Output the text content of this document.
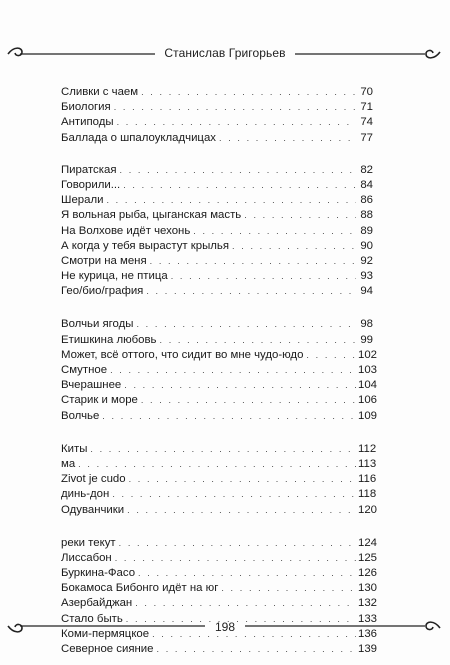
Станислав Григорьев
Сливки с чаем . . .	70
Биология . . .	71
Антиподы . . .	74
Баллада о шпалоукладчицах . . .	77
Пиратская . . .	82
Говорили... . . .	84
Шерали . . .	86
Я вольная рыба, цыганская масть . . .	88
На Волхове идёт чехонь . . .	89
А когда у тебя вырастут крылья . . .	90
Смотри на меня . . .	92
Не курица, не птица . . .	93
Гео/био/графия . . .	94
Волчьи ягоды . . .	98
Етишкина любовь . . .	99
Может, всё оттого, что сидит во мне чудо-юдо . . .	102
Смутное . . .	103
Вчерашнее . . .	104
Старик и море . . .	106
Волчье . . .	109
Киты . . .	112
ма . . .	113
Zivot je cudo . . .	116
динь-дон . . .	118
Одуванчики . . .	120
реки текут . . .	124
Лиссабон . . .	125
Буркина-Фасо . . .	126
Бокамоса Бибонго идёт на юг . . .	130
Азербайджан . . .	132
Стало быть . . .	133
Коми-пермяцкое . . .	136
Северное сияние . . .	139
198
